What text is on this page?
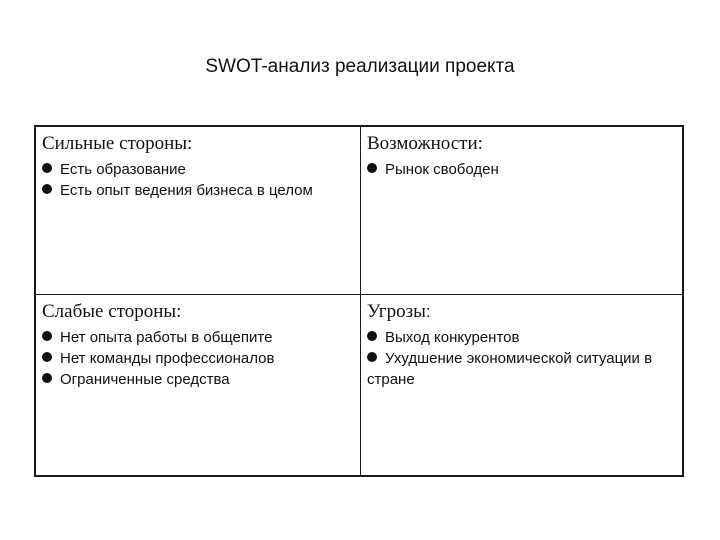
SWOT-анализ реализации проекта
Сильные стороны:
Есть образование
Есть опыт ведения бизнеса в целом
Возможности:
Рынок свободен
Слабые стороны:
Нет опыта работы в общепите
Нет команды профессионалов
Ограниченные средства
Угрозы:
Выход конкурентов
Ухудшение экономической ситуации в стране
